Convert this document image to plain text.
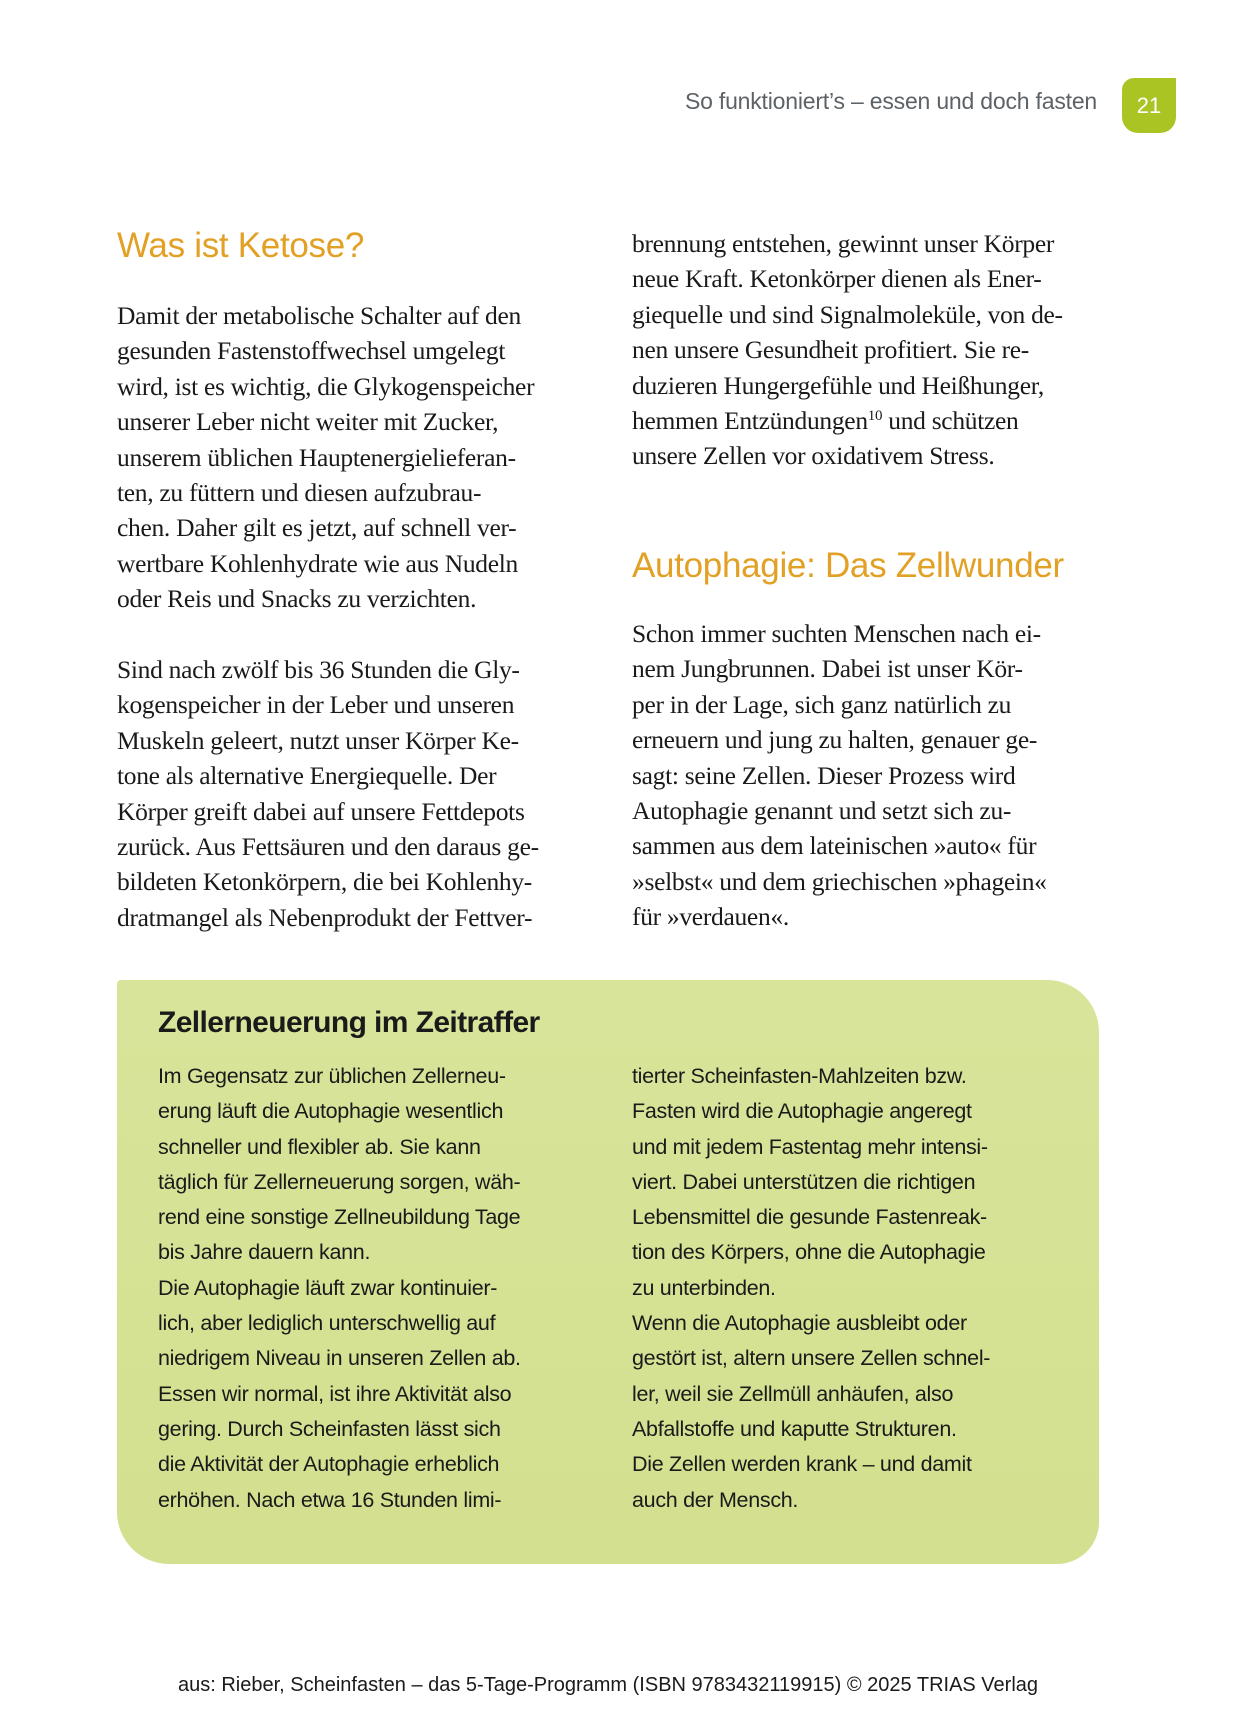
So funktioniert’s – essen und doch fasten 21
Was ist Ketose?
Damit der metabolische Schalter auf den
gesunden Fastenstoffwechsel umgelegt
wird, ist es wichtig, die Glykogenspeicher
unserer Leber nicht weiter mit Zucker,
unserem üblichen Hauptenergielieferan-
ten, zu füttern und diesen aufzubrau-
chen. Daher gilt es jetzt, auf schnell ver-
wertbare Kohlenhydrate wie aus Nudeln
oder Reis und Snacks zu verzichten.
Sind nach zwölf bis 36 Stunden die Gly-
kogenspeicher in der Leber und unseren
Muskeln geleert, nutzt unser Körper Ke-
tone als alternative Energiequelle. Der
Körper greift dabei auf unsere Fettdepots
zurück. Aus Fettsäuren und den daraus ge-
bildeten Ketonkörpern, die bei Kohlenhy-
dratmangel als Nebenprodukt der Fettver-
brennung entstehen, gewinnt unser Körper
neue Kraft. Ketonkörper dienen als Ener-
giequelle und sind Signalmoleküle, von de-
nen unsere Gesundheit profitiert. Sie re-
duzieren Hungergefühle und Heißhunger,
hemmen Entzündungen$^{10}$ und schützen
unsere Zellen vor oxidativem Stress.
Autophagie: Das Zellwunder
Schon immer suchten Menschen nach ei-
nem Jungbrunnen. Dabei ist unser Kör-
per in der Lage, sich ganz natürlich zu
erneuern und jung zu halten, genauer ge-
sagt: seine Zellen. Dieser Prozess wird
Autophagie genannt und setzt sich zu-
sammen aus dem lateinischen »auto« für
»selbst« und dem griechischen »phagein«
für »verdauen«.
Zellerneuerung im Zeitraffer
Im Gegensatz zur üblichen Zellerneu-
erung läuft die Autophagie wesentlich
schneller und flexibler ab. Sie kann
täglich für Zellerneuerung sorgen, wäh-
rend eine sonstige Zellneubildung Tage
bis Jahre dauern kann.
Die Autophagie läuft zwar kontinuier-
lich, aber lediglich unterschwellig auf
niedrigem Niveau in unseren Zellen ab.
Essen wir normal, ist ihre Aktivität also
gering. Durch Scheinfasten lässt sich
die Aktivität der Autophagie erheblich
erhöhen. Nach etwa 16 Stunden limi-
tierter Scheinfasten-Mahlzeiten bzw.
Fasten wird die Autophagie angeregt
und mit jedem Fastentag mehr intensi-
viert. Dabei unterstützen die richtigen
Lebensmittel die gesunde Fastenreak-
tion des Körpers, ohne die Autophagie
zu unterbinden.
Wenn die Autophagie ausbleibt oder
gestört ist, altern unsere Zellen schnel-
ler, weil sie Zellmüll anhäufen, also
Abfallstoffe und kaputte Strukturen.
Die Zellen werden krank – und damit
auch der Mensch.
aus: Rieber, Scheinfasten – das 5-Tage-Programm (ISBN 9783432119915) © 2025 TRIAS Verlag
